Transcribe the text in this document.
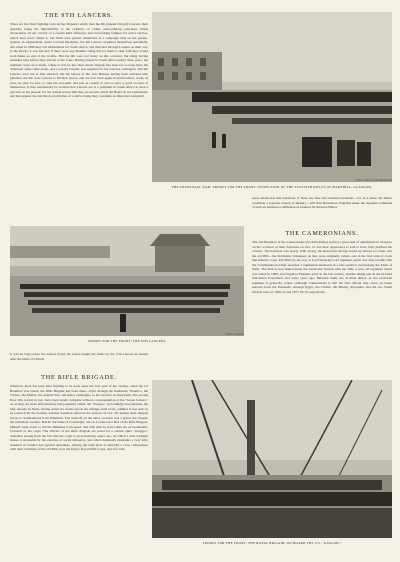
THE 9TH LANCERS.
There are few finer fighting corps in her Majesty's Army than the 9th (Queen's Royal) Lancers, their specialty being the impossibility to the ordinary—or rather, extraordinary—exertions which characterise all our cavalry of a certain kind efficiency and overcoming fatigues for active service, which have never failed to win them even greater distinction in a campaign than on the parade-ground. In Afghanistan, under Colonel Bushman, the 9th Lancers acquitted themselves splendidly, and when in 1880 they left Ahmedabad for South Africa, and marched through London on their way to the Docks, it was felt that if there were any Mahdist rising left for them to deal with they would soon make an end of the trouble. But the 9th were not lucky on this occasion, the rising having subsided long before they arrived at the Cape. Having stayed in South Africa nearly three years, the regiment went on to India, where it was no less than whose brigade has been for so long since the Transvaal came came about, and a cavalry brigade was required for the Lancers contingent. The 9th Lancers were not at first selected, but the heroes of the 11th Hussars having been attacked with glanders, the 9th were ordered to fill their places, and are now back again in South Africa, ready, as ever, we may be sure, to take the war-path, and just as certain as ever to give a good account of themselves. It may incidentally be recalled that Lancers are at a premium in South Africa at such a juncture as the present, for the double reason that they are an arm which the Boers do not understand, and that against the matchlock proclivities of a native rising they constitute an important safeguard.
THE TRANSVAAL WAR: TROOPS FOR THE FRONT: INSPECTION OF THE SCOTTISH RIFLES AT MARYHILL, GLASGOW.
Photo. Mitchell and Macdonald
TROOPS FOR THE FRONT: THE 9TH LANCERS.
Photo. Crowder
keen satisfaction that battalions of these two fine and exclusive branches—for, in a sense, the Rifles constitute a separate branch of Infantry—will find themselves brigaded under the supreme command of such an eminent ex-Rifleman as General Sir Redvers Buller.
THE CAMERONIANS.
The 2nd Battalion of the Cameronians (Scottish Rifles) excited a great deal of enthusiasm in Glasgow on the occasion of their departure on Oct. 21 and their appearance is said to have fully justified the ovation. The battalion was nearly 1000 strong, the Reservists having turned up almost to a man, and the old 90th—the Perthshire Volunteers as they were originally called—are in the first rank of crack line infantry corps. The 90th, by the way, is Lord Wolseley's old regiment, and it was only recently that the Commander-in-Chief unveiled a regimental memorial in a fine position overlooking the Earth of Perth. The 90th is now linked under the Territorial System with the 26th, a very old regiment which was raised in 1689, and fought in Flanders early in the last century, besides taking part in the ill-fated Walcheren Expedition and some years ago, Between them, the Scottish Rifles, as the territorial regiment is generally called—although Cameronians is still the first official title—have an battle honours from the Peninsula, through Egypt, the Crimea, the Mutiny, Abyssinia, and the two South African wars of 1846-47 and 1877-78-79 respectively.
It will be long before the natives forget the lesson taught the Zulus by the 17th Lancers in pursuit after the battle of Ulundi.
THE RIFLE BRIGADE.
Wherever there has been hard fighting to be done since the first year of the century, when the 1st Battalion was raised, the Rifle Brigade has been there—right through the Peninsula, Waterloo, the Crimea, the Mutiny, the Afghan War, and minor campaigns, to the advance on Khartoum. The second Boer War would, in fact, have been barely complete without a representation of the "Green Jackets," as, as they are more affectionately and popularly called, the "Sweeps." Accordingly one battalion, the 2nd, already in Natal, having sailed six weeks ago in the Jelunga from Crete, whither it was sent on its return from the Soudan. Another battalion sailed in the Gascon on Oct. 28, having been shipped across to Southampton from Parkhurst. The send-off on the latter occasion was a grand one, despite the inclement weather. H.R.H. the Duke of Connaught, who is Colonel-in-Chief of the Rifle Brigade, himself came down to bid the Riflemen God-speed, and with him no fewer than six ex-Lieutenant-Colonels of the corps. The officers of the Rifle Brigade are noted for a certain quiet "swagger," doubtless arising from the fact that the corps is an exclusively select one, on which a wise tradition makes it attainable by the exercise of social influence, and which habitually maintains a very lofty standard of conduct and general smartness. Among the rank there is naturally a close camaraderie with their comrades of the old 60th, now the King's Royal Rifle Corps, and it is with
TROOPS FOR THE FRONT: THE ROYAL BRIGADE ON BOARD THE S.S. "GASCON."
Photo. Cribb
